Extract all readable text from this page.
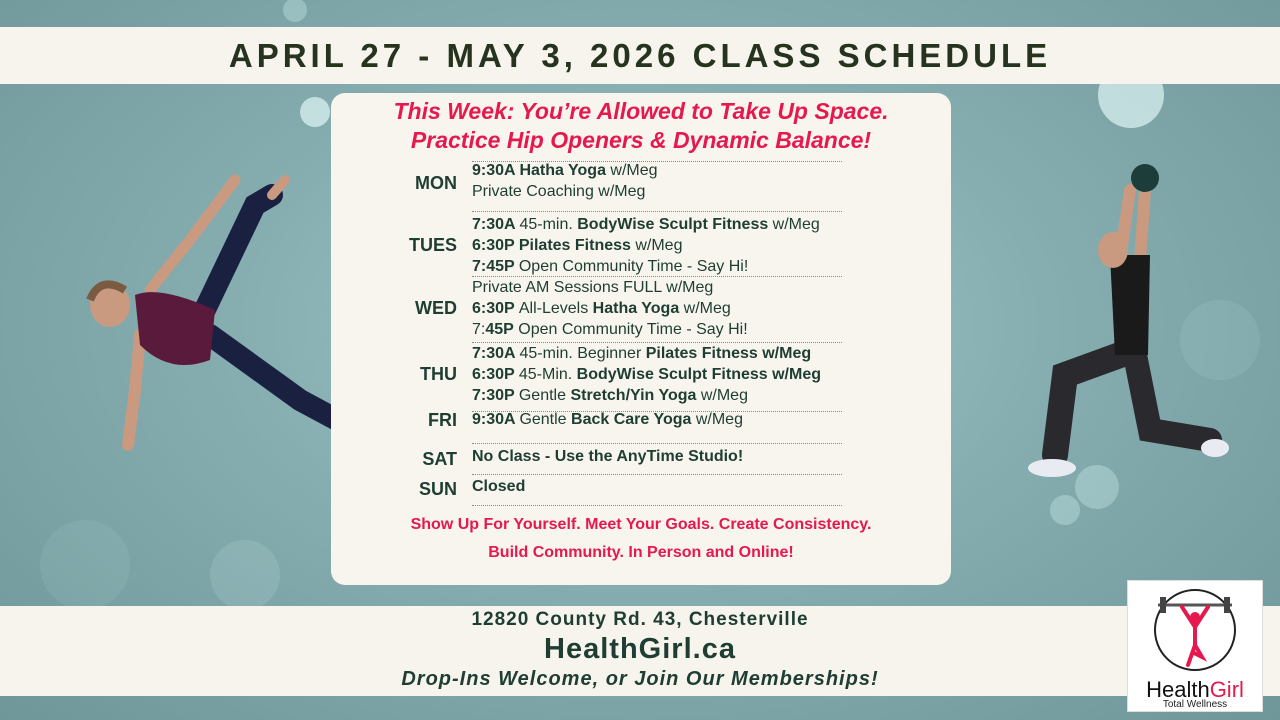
APRIL 27 - MAY 3, 2026 CLASS SCHEDULE
This Week: You’re Allowed to Take Up Space.
Practice Hip Openers & Dynamic Balance!
MON
9:30A Hatha Yoga w/Meg
Private Coaching w/Meg
TUES
7:30A 45-min. BodyWise Sculpt Fitness w/Meg
6:30P Pilates Fitness w/Meg
7:45P Open Community Time - Say Hi!
WED
Private AM Sessions FULL w/Meg
6:30P All-Levels Hatha Yoga w/Meg
7:45P Open Community Time - Say Hi!
THU
7:30A 45-min. Beginner Pilates Fitness w/Meg
6:30P 45-Min. BodyWise Sculpt Fitness w/Meg
7:30P Gentle Stretch/Yin Yoga w/Meg
FRI 9:30A Gentle Back Care Yoga w/Meg
SAT No Class - Use the AnyTime Studio!
SUN Closed
Show Up For Yourself. Meet Your Goals. Create Consistency.
Build Community. In Person and Online!
12820 County Rd. 43, Chesterville
HealthGirl.ca
Drop-Ins Welcome, or Join Our Memberships!	HealthGirl
Total Wellness
